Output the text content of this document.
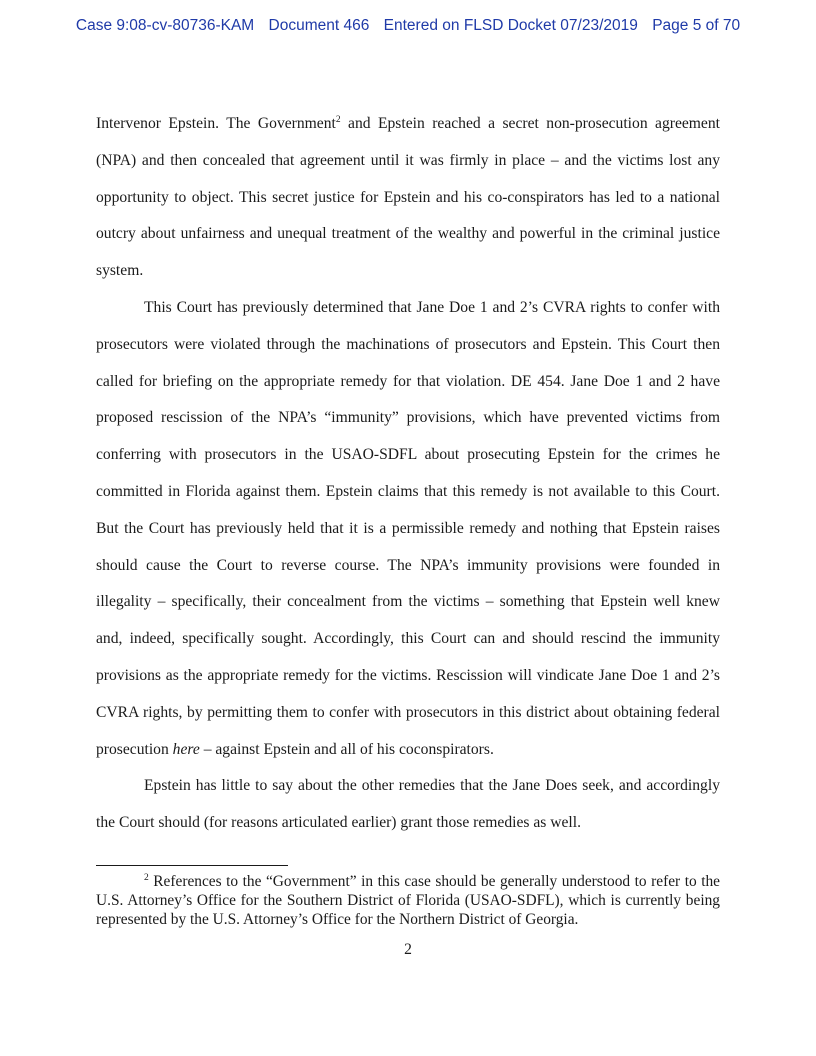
Case 9:08-cv-80736-KAM Document 466 Entered on FLSD Docket 07/23/2019 Page 5 of 70

Intervenor Epstein. The Government$^2$ and Epstein reached a secret non-prosecution agreement (NPA) and then concealed that agreement until it was firmly in place – and the victims lost any opportunity to object. This secret justice for Epstein and his co-conspirators has led to a national outcry about unfairness and unequal treatment of the wealthy and powerful in the criminal justice system.

This Court has previously determined that Jane Doe 1 and 2’s CVRA rights to confer with prosecutors were violated through the machinations of prosecutors and Epstein. This Court then called for briefing on the appropriate remedy for that violation. DE 454. Jane Doe 1 and 2 have proposed rescission of the NPA’s “immunity” provisions, which have prevented victims from conferring with prosecutors in the USAO-SDFL about prosecuting Epstein for the crimes he committed in Florida against them. Epstein claims that this remedy is not available to this Court. But the Court has previously held that it is a permissible remedy and nothing that Epstein raises should cause the Court to reverse course. The NPA’s immunity provisions were founded in illegality – specifically, their concealment from the victims – something that Epstein well knew and, indeed, specifically sought. Accordingly, this Court can and should rescind the immunity provisions as the appropriate remedy for the victims. Rescission will vindicate Jane Doe 1 and 2’s CVRA rights, by permitting them to confer with prosecutors in this district about obtaining federal prosecution here – against Epstein and all of his coconspirators.

Epstein has little to say about the other remedies that the Jane Does seek, and accordingly the Court should (for reasons articulated earlier) grant those remedies as well.

$^2$ References to the “Government” in this case should be generally understood to refer to the U.S. Attorney’s Office for the Southern District of Florida (USAO-SDFL), which is currently being represented by the U.S. Attorney’s Office for the Northern District of Georgia.

2
